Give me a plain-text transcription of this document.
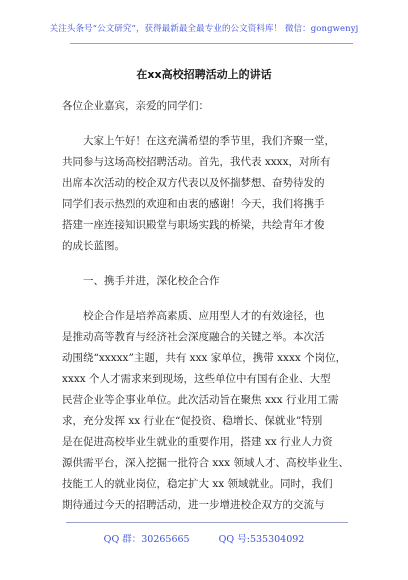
关注头条号“公文研究”，获得最新最全最专业的公文资料库！ 微信：gongwenyj
在xx高校招聘活动上的讲话

各位企业嘉宾，亲爱的同学们：

大家上午好！在这充满希望的季节里，我们齐聚一堂，

共同参与这场高校招聘活动。首先，我代表 xxxx，对所有

出席本次活动的校企双方代表以及怀揣梦想、奋势待发的

同学们表示热烈的欢迎和由衷的感谢！今天，我们将携手

搭建一座连接知识殿堂与职场实践的桥梁，共绘青年才俊

的成长蓝图。

一、携手并进，深化校企合作

校企合作是培养高素质、应用型人才的有效途径，也

是推动高等教育与经济社会深度融合的关键之举。本次活

动围绕“xxxxx”主题，共有 xxx 家单位，携带 xxxx 个岗位，

xxxx 个人才需求来到现场，这些单位中有国有企业、大型

民营企业等企事业单位。此次活动旨在聚焦 xxx 行业用工需

求，充分发挥 xx 行业在“促投资、稳增长、保就业”特别

是在促进高校毕业生就业的重要作用，搭建 xx 行业人力资

源供需平台，深入挖掘一批符合 xxx 领域人才、高校毕业生、

技能工人的就业岗位，稳定扩大 xx 领域就业。同时，我们

期待通过今天的招聘活动，进一步增进校企双方的交流与

QQ 群：30265665	QQ 号:535304092
